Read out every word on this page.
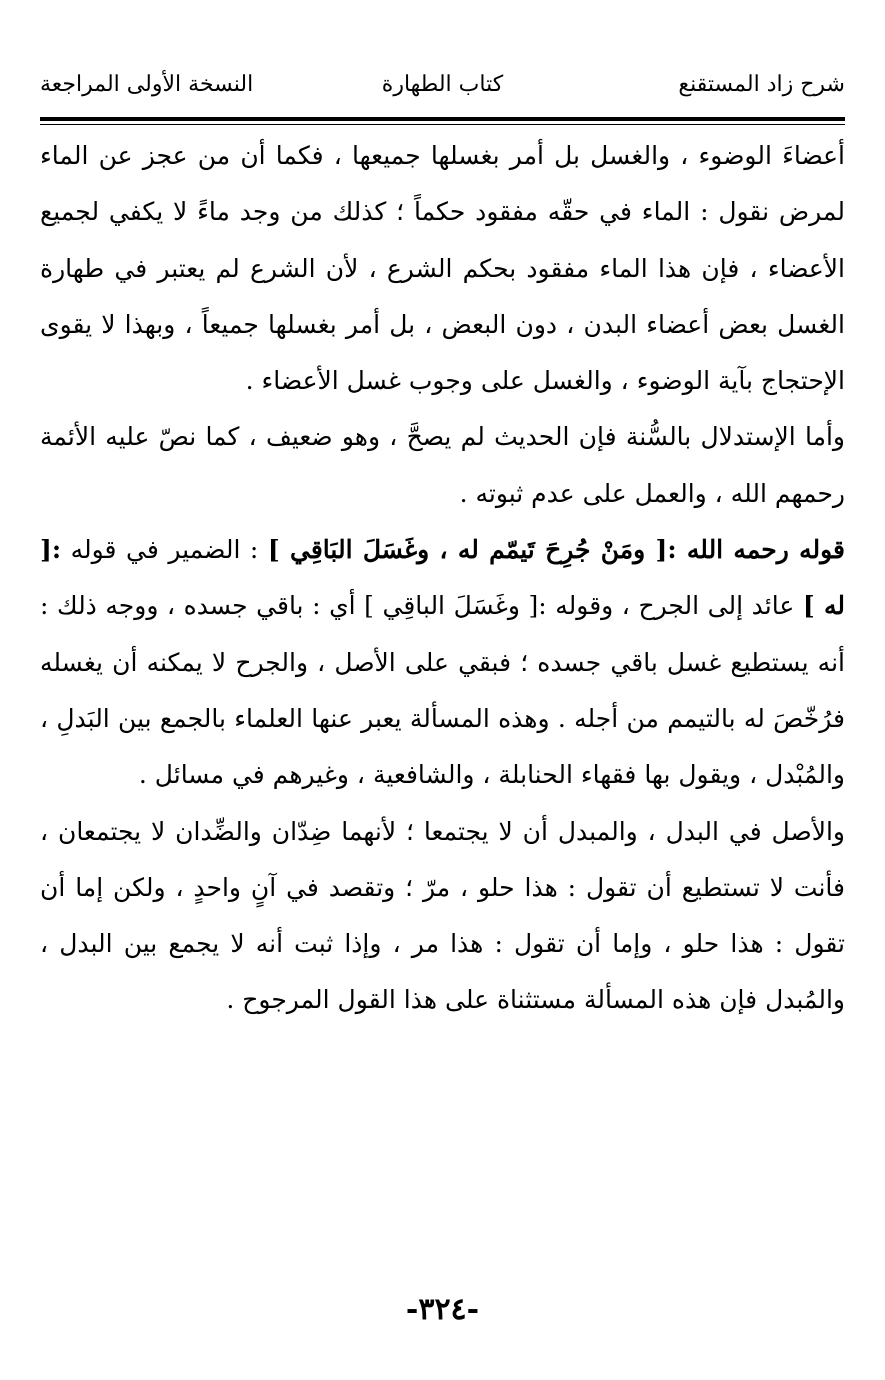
شرح زاد المستقنع
كتاب الطهارة
النسخة الأولى المراجعة

أعضاءَ الوضوء ، والغسل بل أمر بغسلها جميعها ، فكما أن من عجز عن الماء لمرض نقول : الماء في حقّه مفقود حكماً ؛ كذلك من وجد ماءً لا يكفي لجميع الأعضاء ، فإن هذا الماء مفقود بحكم الشرع ، لأن الشرع لم يعتبر في طهارة الغسل بعض أعضاء البدن ، دون البعض ، بل أمر بغسلها جميعاً ، وبهذا لا يقوى الإحتجاج بآية الوضوء ، والغسل على وجوب غسل الأعضاء .

وأما الإستدلال بالسُّنة فإن الحديث لم يصحَّ ، وهو ضعيف ، كما نصّ عليه الأئمة رحمهم الله ، والعمل على عدم ثبوته .

قوله رحمه الله :[ ومَنْ جُرِحَ تَيمّم له ، وغَسَلَ البَاقِي ] : الضمير في قوله :[ له ] عائد إلى الجرح ، وقوله :[ وغَسَلَ الباقِي ] أي : باقي جسده ، ووجه ذلك : أنه يستطيع غسل باقي جسده ؛ فبقي على الأصل ، والجرح لا يمكنه أن يغسله فرُخّصَ له بالتيمم من أجله . وهذه المسألة يعبر عنها العلماء بالجمع بين البَدلِ ، والمُبْدل ، ويقول بها فقهاء الحنابلة ، والشافعية ، وغيرهم في مسائل .

والأصل في البدل ، والمبدل أن لا يجتمعا ؛ لأنهما ضِدّان والضِّدان لا يجتمعان ، فأنت لا تستطيع أن تقول : هذا حلو ، مرّ ؛ وتقصد في آنٍ واحدٍ ، ولكن إما أن تقول : هذا حلو ، وإما أن تقول : هذا مر ، وإذا ثبت أنه لا يجمع بين البدل ، والمُبدل فإن هذه المسألة مستثناة على هذا القول المرجوح .

-٣٢٤-
